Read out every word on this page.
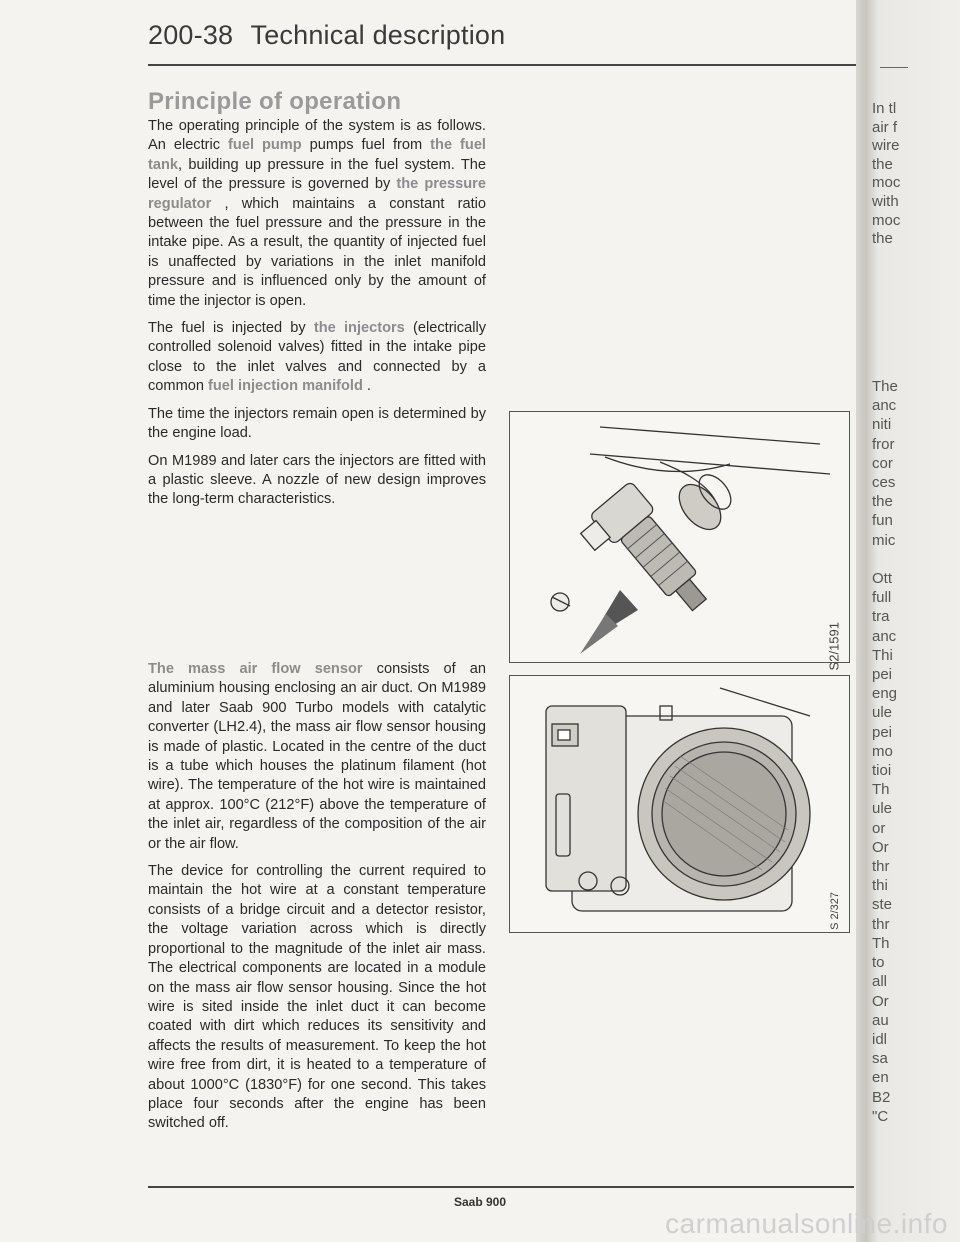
200-38 Technical description
Principle of operation

The operating principle of the system is as follows. An electric fuel pump pumps fuel from the fuel tank, building up pressure in the fuel system. The level of the pressure is governed by the pressure regulator , which maintains a constant ratio between the fuel pressure and the pressure in the intake pipe. As a result, the quantity of injected fuel is unaffected by variations in the inlet manifold pressure and is influenced only by the amount of time the injector is open.

The fuel is injected by the injectors (electrically controlled solenoid valves) fitted in the intake pipe close to the inlet valves and connected by a common fuel injection manifold .

The time the injectors remain open is determined by the engine load.

On M1989 and later cars the injectors are fitted with a plastic sleeve. A nozzle of new design improves the long-term characteristics.

The mass air flow sensor consists of an aluminium housing enclosing an air duct. On M1989 and later Saab 900 Turbo models with catalytic converter (LH2.4), the mass air flow sensor housing is made of plastic. Located in the centre of the duct is a tube which houses the platinum filament (hot wire). The temperature of the hot wire is maintained at approx. 100°C (212°F) above the temperature of the inlet air, regardless of the composition of the air or the air flow.

The device for controlling the current required to maintain the hot wire at a constant temperature consists of a bridge circuit and a detector resistor, the voltage variation across which is directly proportional to the magnitude of the inlet air mass. The electrical components are located in a module on the mass air flow sensor housing. Since the hot wire is sited inside the inlet duct it can become coated with dirt which reduces its sensitivity and affects the results of measurement. To keep the hot wire free from dirt, it is heated to a temperature of about 1000°C (1830°F) for one second. This takes place four seconds after the engine has been switched off.

S2/1591
S 2/327
In tl
air f
wire
the
moc
with
moc
the
The
anc
niti
fror
cor
ces
the
fun
mic

Ott
full
tra
anc
Thi
pei
eng
ule
pei
mo
tioi
Th
ule
or
Or
thr
thi
ste
thr
Th
to
all
Or
au
idl
sa
en
B2
"C
Saab 900
carmanualsonline.info
